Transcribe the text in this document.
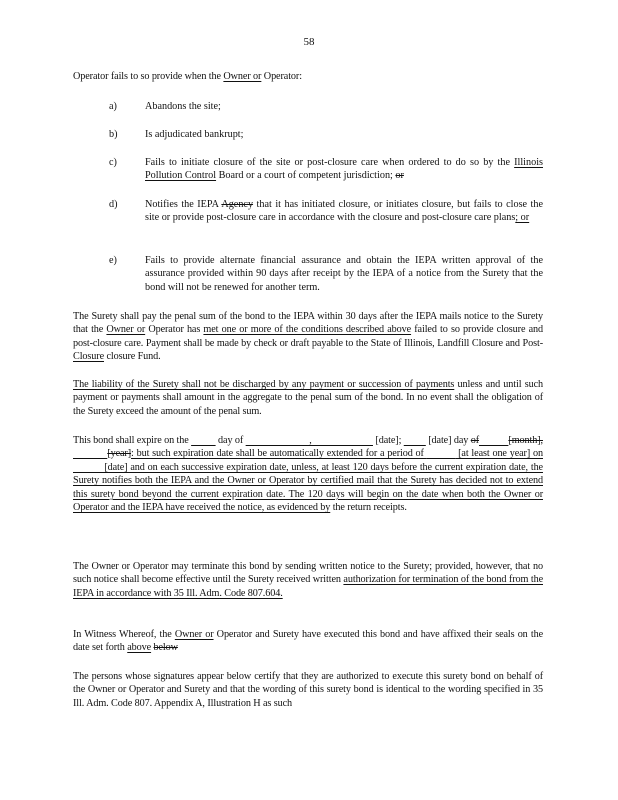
58
Operator fails to so provide when the Owner or Operator:
a)	Abandons the site;
b)	Is adjudicated bankrupt;
c)	Fails to initiate closure of the site or post-closure care when ordered to do so by the Illinois Pollution Control Board or a court of competent jurisdiction; or
d)	Notifies the IEPA Agency that it has initiated closure, or initiates closure, but fails to close the site or provide post-closure care in accordance with the closure and post-closure care plans; or
e)	Fails to provide alternate financial assurance and obtain the IEPA written approval of the assurance provided within 90 days after receipt by the IEPA of a notice from the Surety that the bond will not be renewed for another term.
The Surety shall pay the penal sum of the bond to the IEPA within 30 days after the IEPA mails notice to the Surety that the Owner or Operator has met one or more of the conditions described above failed to so provide closure and post-closure care. Payment shall be made by check or draft payable to the State of Illinois, Landfill Closure and Post-Closure closure Fund.
The liability of the Surety shall not be discharged by any payment or succession of payments unless and until such payment or payments shall amount in the aggregate to the penal sum of the bond. In no event shall the obligation of the Surety exceed the amount of the penal sum.
This bond shall expire on the            day of                           ,                          [date];           [date] day of	[month],            [year]: but such expiration date shall be automatically extended for a period of	[at least one year] on            [date] and on each successive expiration date, unless, at least 120 days before the current expiration date, the Surety notifies both the IEPA and the Owner or Operator by certified mail that the Surety has decided not to extend this surety bond beyond the current expiration date. The 120 days will begin on the date when both the Owner or Operator and the IEPA have received the notice, as evidenced by the return receipts.
The Owner or Operator may terminate this bond by sending written notice to the Surety; provided, however, that no such notice shall become effective until the Surety received written authorization for termination of the bond from the IEPA in accordance with 35 Ill. Adm. Code 807.604.
In Witness Whereof, the Owner or Operator and Surety have executed this bond and have affixed their seals on the date set forth above below
The persons whose signatures appear below certify that they are authorized to execute this surety bond on behalf of the Owner or Operator and Surety and that the wording of this surety bond is identical to the wording specified in 35 Ill. Adm. Code 807. Appendix A, Illustration H as such
